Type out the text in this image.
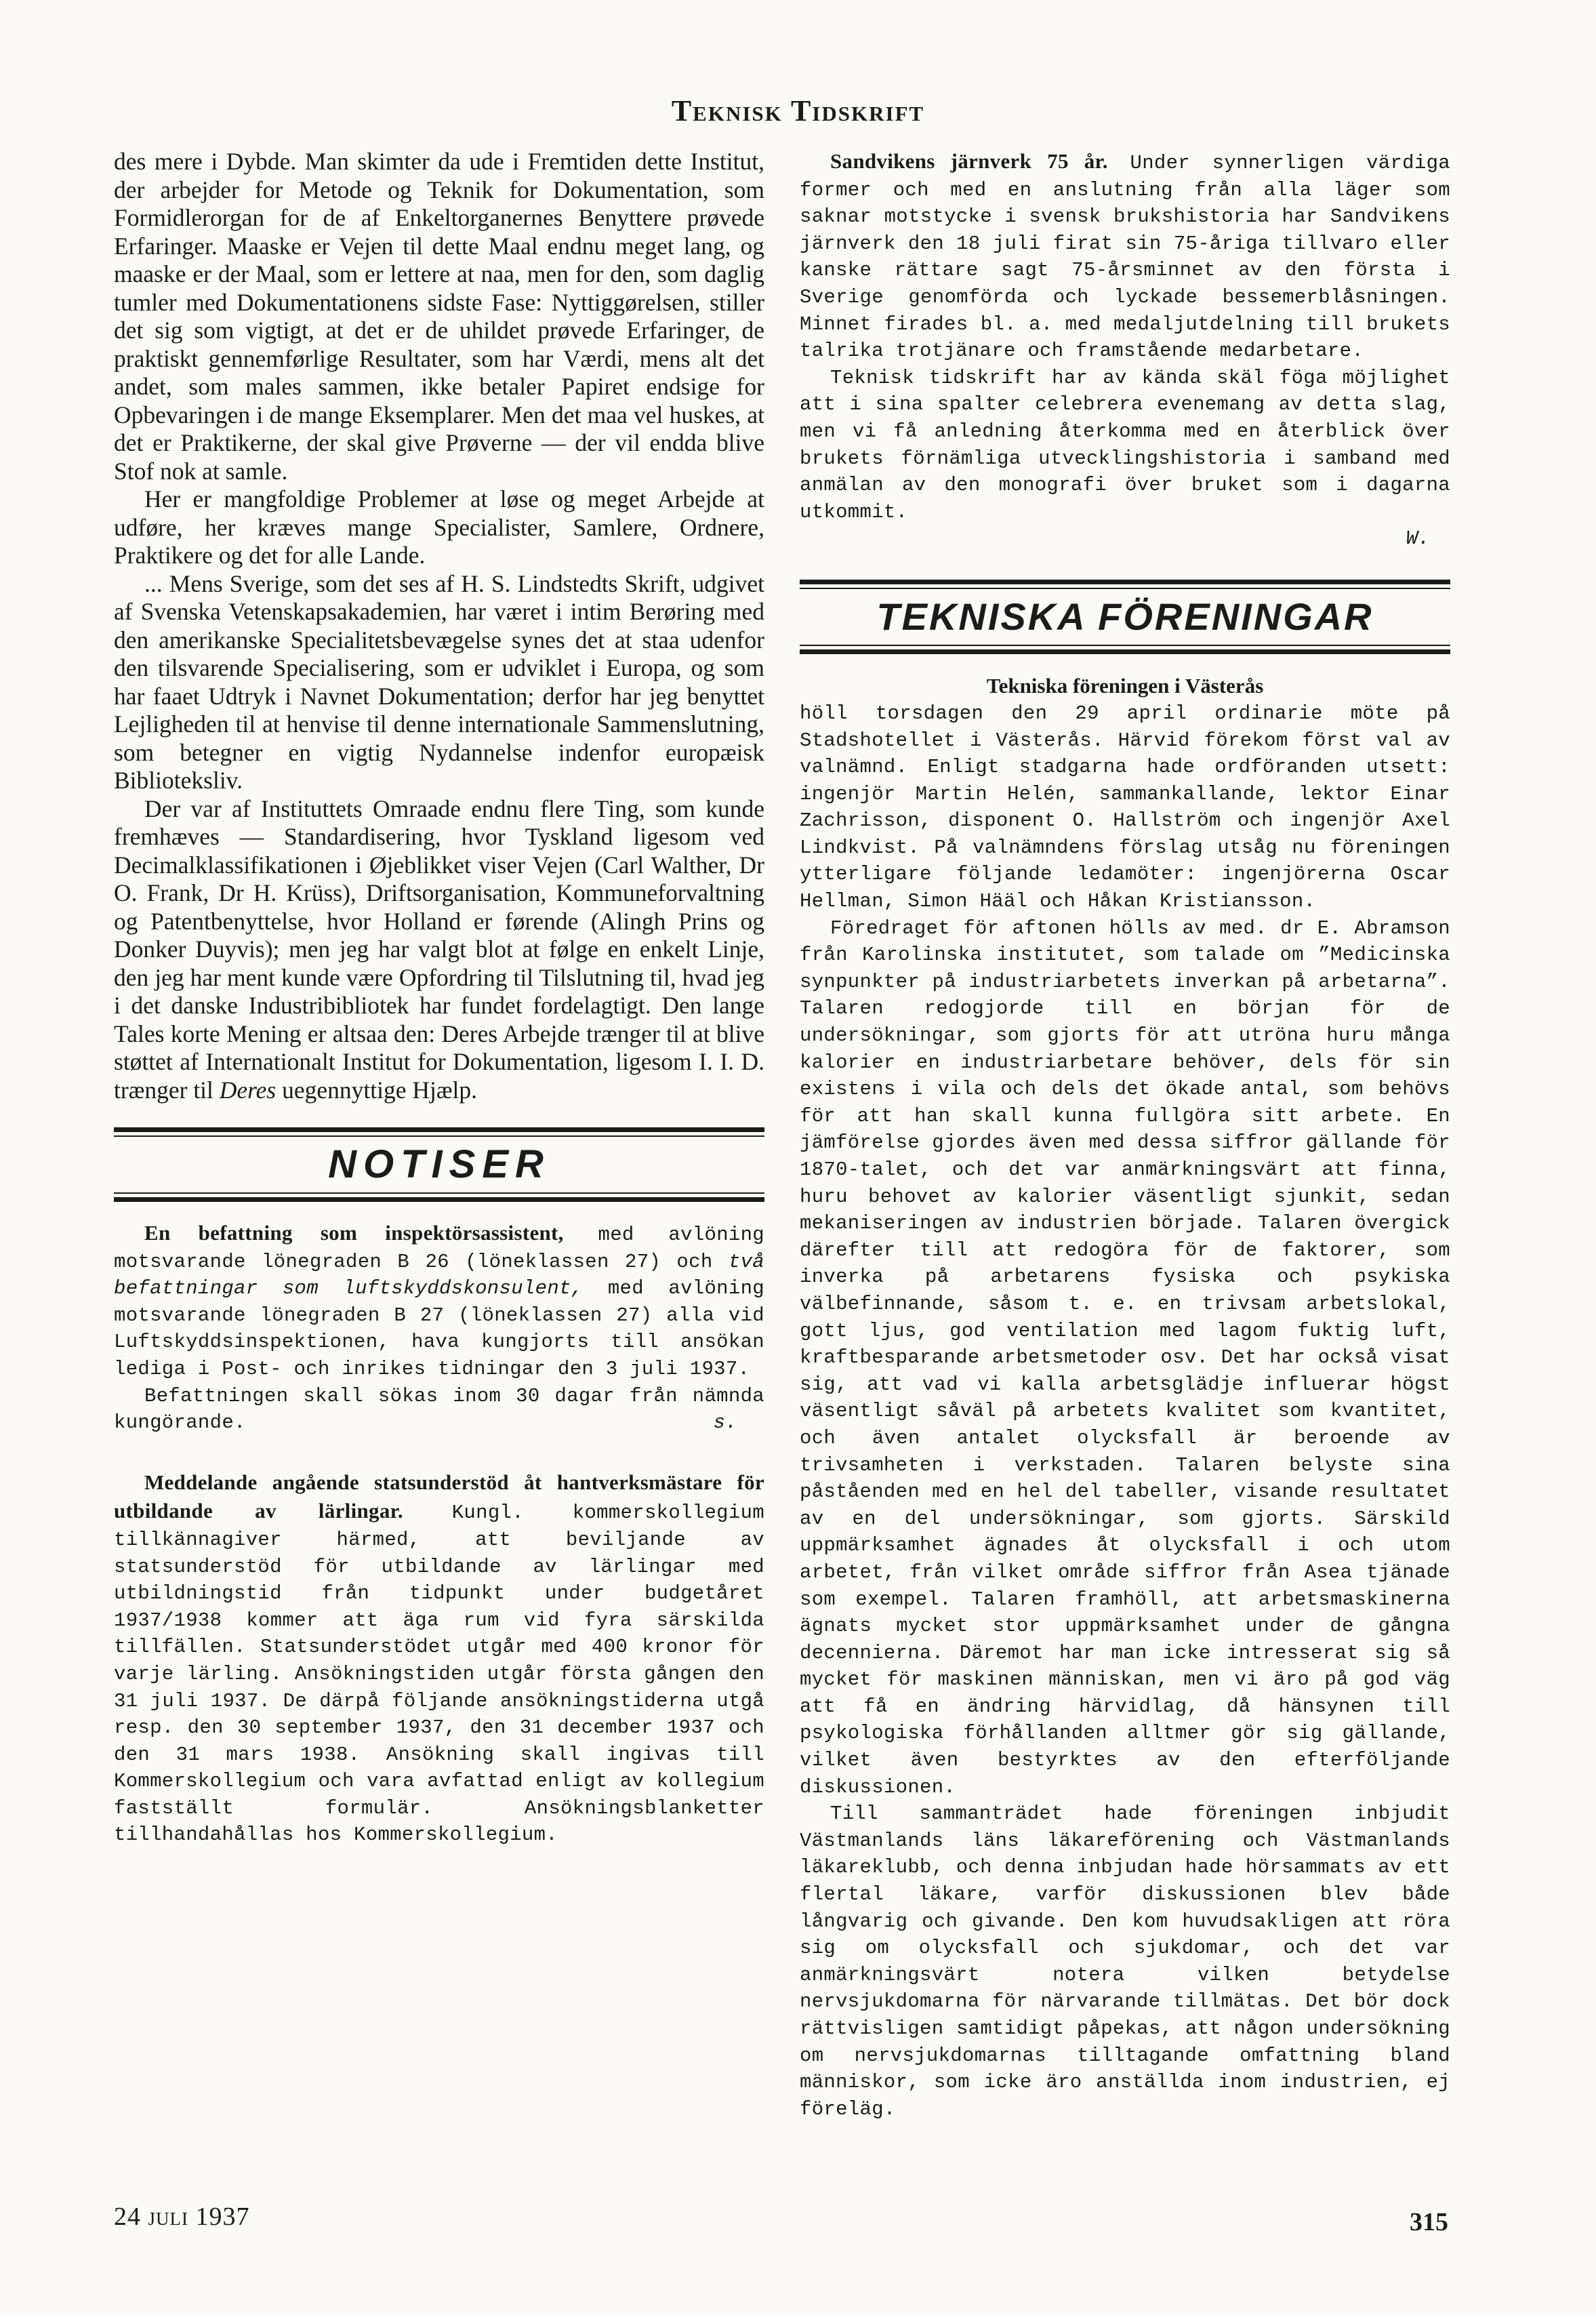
Teknisk Tidskrift

des mere i Dybde. Man skimter da ude i Fremtiden dette Institut, der arbejder for Metode og Teknik for Dokumentation, som Formidlerorgan for de af Enkeltorganernes Benyttere prøvede Erfaringer. Maaske er Vejen til dette Maal endnu meget lang, og maaske er der Maal, som er lettere at naa, men for den, som daglig tumler med Dokumentationens sidste Fase: Nyttiggørelsen, stiller det sig som vigtigt, at det er de uhildet prøvede Erfaringer, de praktiskt gennemførlige Resultater, som har Værdi, mens alt det andet, som males sammen, ikke betaler Papiret endsige for Opbevaringen i de mange Eksemplarer. Men det maa vel huskes, at det er Praktikerne, der skal give Prøverne — der vil endda blive Stof nok at samle.

Her er mangfoldige Problemer at løse og meget Arbejde at udføre, her kræves mange Specialister, Samlere, Ordnere, Praktikere og det for alle Lande.

... Mens Sverige, som det ses af H. S. Lindstedts Skrift, udgivet af Svenska Vetenskapsakademien, har været i intim Berøring med den amerikanske Specialitetsbevægelse synes det at staa udenfor den tilsvarende Specialisering, som er udviklet i Europa, og som har faaet Udtryk i Navnet Dokumentation; derfor har jeg benyttet Lejligheden til at henvise til denne internationale Sammenslutning, som betegner en vigtig Nydannelse indenfor europæisk Biblioteksliv.

Der var af Instituttets Omraade endnu flere Ting, som kunde fremhæves — Standardisering, hvor Tyskland ligesom ved Decimalklassifikationen i Øjeblikket viser Vejen (Carl Walther, Dr O. Frank, Dr H. Krüss), Driftsorganisation, Kommuneforvaltning og Patentbenyttelse, hvor Holland er førende (Alingh Prins og Donker Duyvis); men jeg har valgt blot at følge en enkelt Linje, den jeg har ment kunde være Opfordring til Tilslutning til, hvad jeg i det danske Industribibliotek har fundet fordelagtigt. Den lange Tales korte Mening er altsaa den: Deres Arbejde trænger til at blive støttet af Internationalt Institut for Dokumentation, ligesom I. I. D. trænger til Deres uegennyttige Hjælp.

NOTISER

En befattning som inspektörsassistent, med avlöning motsvarande lönegraden B 26 (löneklassen 27) och två befattningar som luftskyddskonsulent, med avlöning motsvarande lönegraden B 27 (löneklassen 27) alla vid Luftskyddsinspektionen, hava kungjorts till ansökan lediga i Post- och inrikes tidningar den 3 juli 1937.

Befattningen skall sökas inom 30 dagar från nämnda kungörande.	s.

Meddelande angående statsunderstöd åt hantverksmästare för utbildande av lärlingar. Kungl. kommerskollegium tillkännagiver härmed, att beviljande av statsunderstöd för utbildande av lärlingar med utbildningstid från tidpunkt under budgetåret 1937/1938 kommer att äga rum vid fyra särskilda tillfällen. Statsunderstödet utgår med 400 kronor för varje lärling. Ansökningstiden utgår första gången den 31 juli 1937. De därpå följande ansökningstiderna utgå resp. den 30 september 1937, den 31 december 1937 och den 31 mars 1938. Ansökning skall ingivas till Kommerskollegium och vara avfattad enligt av kollegium fastställt formulär. Ansökningsblanketter tillhandahållas hos Kommerskollegium.

Sandvikens järnverk 75 år. Under synnerligen värdiga former och med en anslutning från alla läger som saknar motstycke i svensk brukshistoria har Sandvikens järnverk den 18 juli firat sin 75-åriga tillvaro eller kanske rättare sagt 75-årsminnet av den första i Sverige genomförda och lyckade bessemerblåsningen. Minnet firades bl. a. med medaljutdelning till brukets talrika trotjänare och framstående medarbetare.

Teknisk tidskrift har av kända skäl föga möjlighet att i sina spalter celebrera evenemang av detta slag, men vi få anledning återkomma med en återblick över brukets förnämliga utvecklingshistoria i samband med anmälan av den monografi över bruket som i dagarna utkommit.

W.

TEKNISKA FÖRENINGAR
Tekniska föreningen i Västerås

höll torsdagen den 29 april ordinarie möte på Stadshotellet i Västerås. Härvid förekom först val av valnämnd. Enligt stadgarna hade ordföranden utsett: ingenjör Martin Helén, sammankallande, lektor Einar Zachrisson, disponent O. Hallström och ingenjör Axel Lindkvist. På valnämndens förslag utsåg nu föreningen ytterligare följande ledamöter: ingenjörerna Oscar Hellman, Simon Hääl och Håkan Kristiansson.

Föredraget för aftonen hölls av med. dr E. Abramson från Karolinska institutet, som talade om ”Medicinska synpunkter på industriarbetets inverkan på arbetarna”. Talaren redogjorde till en början för de undersökningar, som gjorts för att utröna huru många kalorier en industriarbetare behöver, dels för sin existens i vila och dels det ökade antal, som behövs för att han skall kunna fullgöra sitt arbete. En jämförelse gjordes även med dessa siffror gällande för 1870-talet, och det var anmärkningsvärt att finna, huru behovet av kalorier väsentligt sjunkit, sedan mekaniseringen av industrien började. Talaren övergick därefter till att redogöra för de faktorer, som inverka på arbetarens fysiska och psykiska välbefinnande, såsom t. e. en trivsam arbetslokal, gott ljus, god ventilation med lagom fuktig luft, kraftbesparande arbetsmetoder osv. Det har också visat sig, att vad vi kalla arbetsglädje influerar högst väsentligt såväl på arbetets kvalitet som kvantitet, och även antalet olycksfall är beroende av trivsamheten i verkstaden. Talaren belyste sina påståenden med en hel del tabeller, visande resultatet av en del undersökningar, som gjorts. Särskild uppmärksamhet ägnades åt olycksfall i och utom arbetet, från vilket område siffror från Asea tjänade som exempel. Talaren framhöll, att arbetsmaskinerna ägnats mycket stor uppmärksamhet under de gångna decennierna. Däremot har man icke intresserat sig så mycket för maskinen människan, men vi äro på god väg att få en ändring härvidlag, då hänsynen till psykologiska förhållanden alltmer gör sig gällande, vilket även bestyrktes av den efterföljande diskussionen.

Till sammanträdet hade föreningen inbjudit Västmanlands läns läkareförening och Västmanlands läkareklubb, och denna inbjudan hade hörsammats av ett flertal läkare, varför diskussionen blev både långvarig och givande. Den kom huvudsakligen att röra sig om olycksfall och sjukdomar, och det var anmärkningsvärt notera vilken betydelse nervsjukdomarna för närvarande tillmätas. Det bör dock rättvisligen samtidigt påpekas, att någon undersökning om nervsjukdomarnas tilltagande omfattning bland människor, som icke äro anställda inom industrien, ej föreläg.

24 juli 1937	315
